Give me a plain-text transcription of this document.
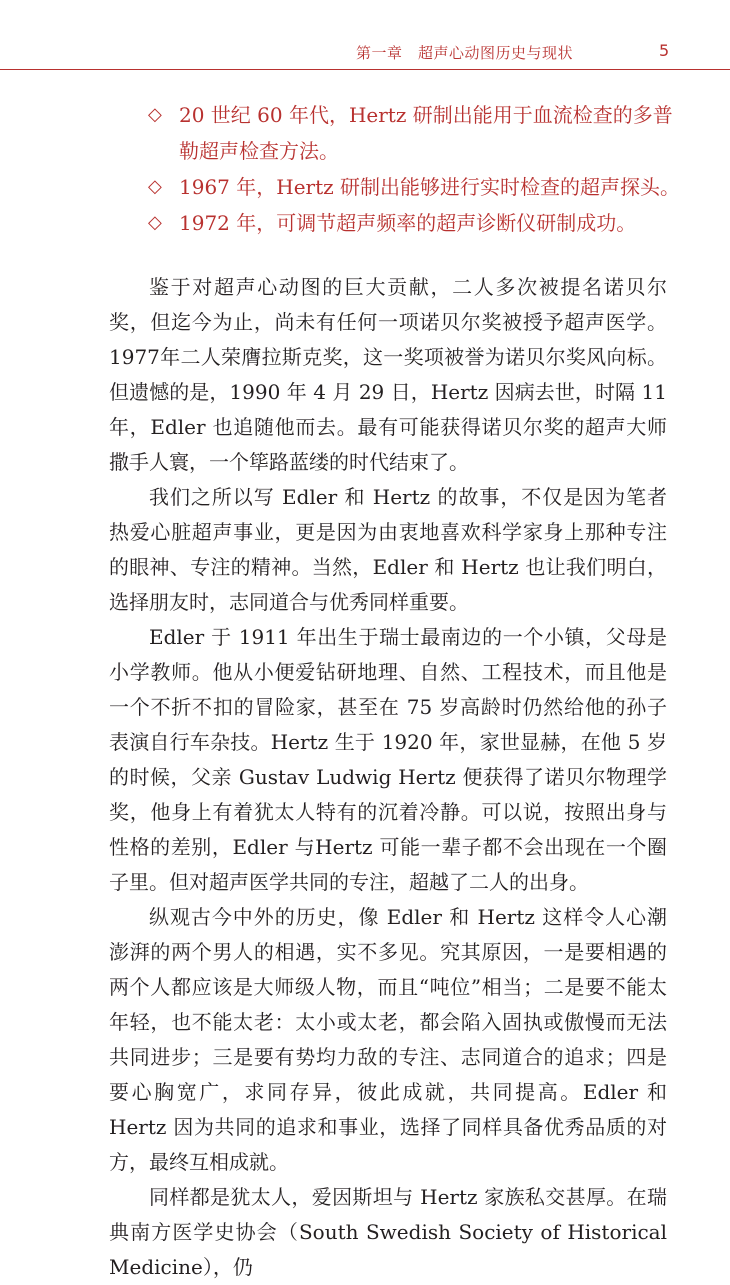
第一章　超声心动图历史与现状	5
◇ 20 世纪 60 年代，Hertz 研制出能用于血流检查的多普勒超声检查方法。
◇ 1967 年，Hertz 研制出能够进行实时检查的超声探头。
◇ 1972 年，可调节超声频率的超声诊断仪研制成功。

鉴于对超声心动图的巨大贡献，二人多次被提名诺贝尔奖，但迄今为止，尚未有任何一项诺贝尔奖被授予超声医学。1977年二人荣膺拉斯克奖，这一奖项被誉为诺贝尔奖风向标。但遗憾的是，1990 年 4 月 29 日，Hertz 因病去世，时隔 11 年，Edler 也追随他而去。最有可能获得诺贝尔奖的超声大师撒手人寰，一个筚路蓝缕的时代结束了。

我们之所以写 Edler 和 Hertz 的故事，不仅是因为笔者热爱心脏超声事业，更是因为由衷地喜欢科学家身上那种专注的眼神、专注的精神。当然，Edler 和 Hertz 也让我们明白，选择朋友时，志同道合与优秀同样重要。

Edler 于 1911 年出生于瑞士最南边的一个小镇，父母是小学教师。他从小便爱钻研地理、自然、工程技术，而且他是一个不折不扣的冒险家，甚至在 75 岁高龄时仍然给他的孙子表演自行车杂技。Hertz 生于 1920 年，家世显赫，在他 5 岁的时候，父亲 Gustav Ludwig Hertz 便获得了诺贝尔物理学奖，他身上有着犹太人特有的沉着冷静。可以说，按照出身与性格的差别，Edler 与Hertz 可能一辈子都不会出现在一个圈子里。但对超声医学共同的专注，超越了二人的出身。

纵观古今中外的历史，像 Edler 和 Hertz 这样令人心潮澎湃的两个男人的相遇，实不多见。究其原因，一是要相遇的两个人都应该是大师级人物，而且“吨位”相当；二是要不能太年轻，也不能太老：太小或太老，都会陷入固执或傲慢而无法共同进步；三是要有势均力敌的专注、志同道合的追求；四是要心胸宽广，求同存异，彼此成就，共同提高。Edler 和 Hertz 因为共同的追求和事业，选择了同样具备优秀品质的对方，最终互相成就。

同样都是犹太人，爱因斯坦与 Hertz 家族私交甚厚。在瑞典南方医学史协会（South Swedish Society of Historical Medicine），仍
